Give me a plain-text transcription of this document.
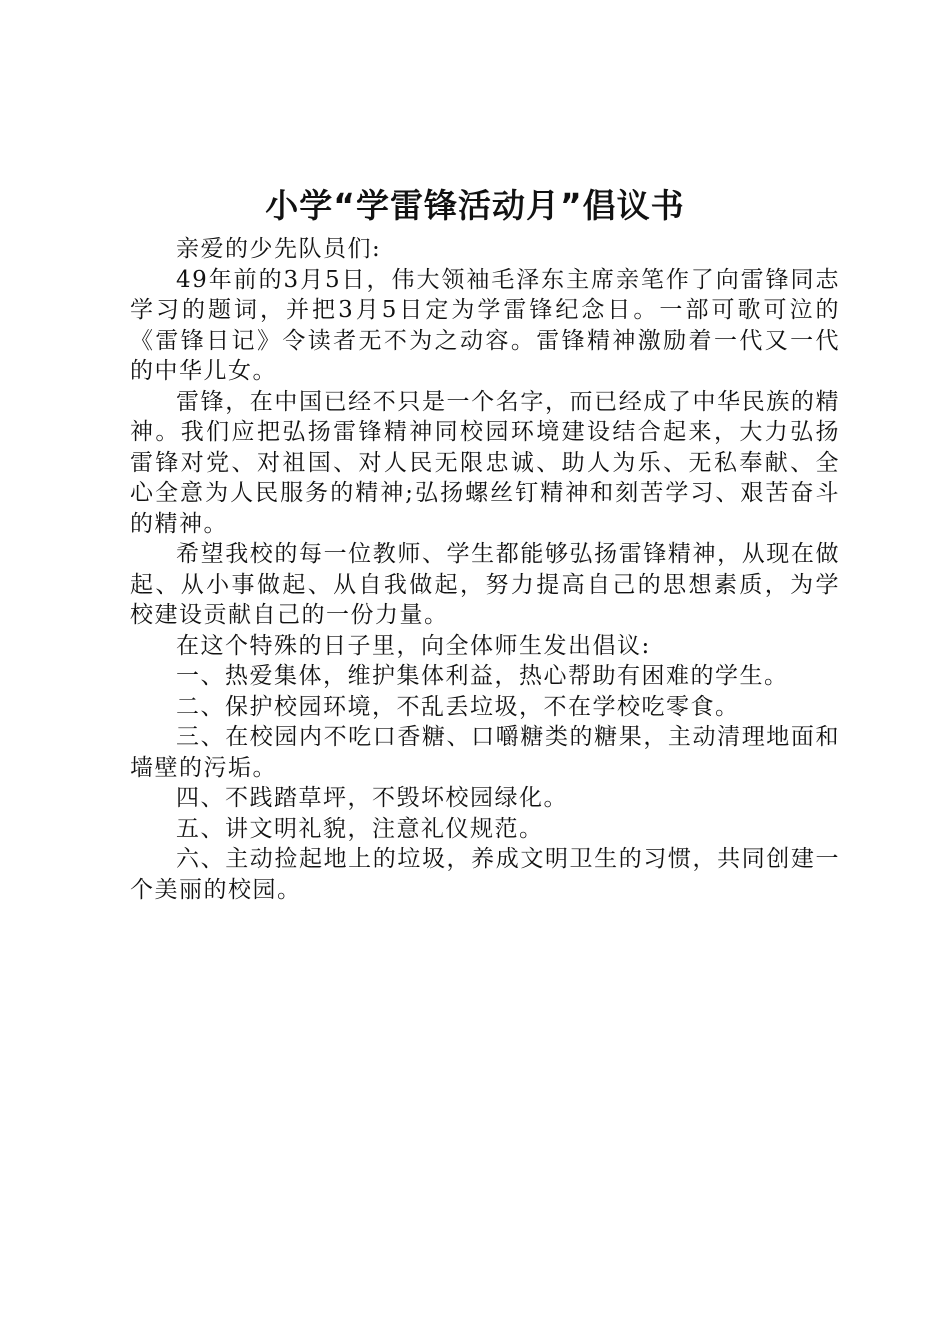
小学“学雷锋活动月”倡议书

亲爱的少先队员们:

49年前的3月5日，伟大领袖毛泽东主席亲笔作了向雷锋同志学习的题词，并把3月5日定为学雷锋纪念日。一部可歌可泣的《雷锋日记》令读者无不为之动容。雷锋精神激励着一代又一代的中华儿女。

雷锋，在中国已经不只是一个名字，而已经成了中华民族的精神。我们应把弘扬雷锋精神同校园环境建设结合起来，大力弘扬雷锋对党、对祖国、对人民无限忠诚、助人为乐、无私奉献、全心全意为人民服务的精神;弘扬螺丝钉精神和刻苦学习、艰苦奋斗的精神。

希望我校的每一位教师、学生都能够弘扬雷锋精神，从现在做起、从小事做起、从自我做起，努力提高自己的思想素质，为学校建设贡献自己的一份力量。

在这个特殊的日子里，向全体师生发出倡议:

一、热爱集体，维护集体利益，热心帮助有困难的学生。

二、保护校园环境，不乱丢垃圾，不在学校吃零食。

三、在校园内不吃口香糖、口嚼糖类的糖果，主动清理地面和墙壁的污垢。

四、不践踏草坪，不毁坏校园绿化。

五、讲文明礼貌，注意礼仪规范。

六、主动捡起地上的垃圾，养成文明卫生的习惯，共同创建一个美丽的校园。
